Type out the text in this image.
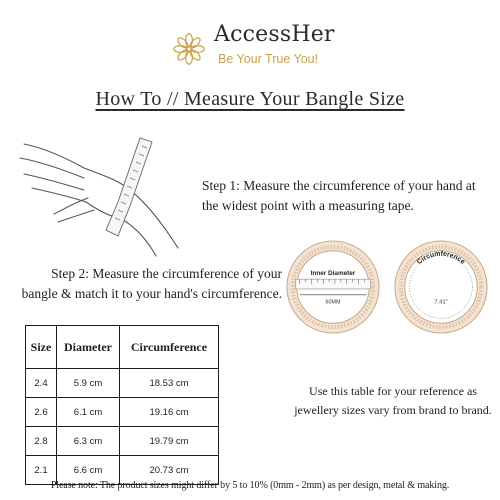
AccessHer
Be Your True You!
How To // Measure Your Bangle Size
Step 1: Measure the circumference of your hand at the widest point with a measuring tape.
Step 2: Measure the circumference of your bangle & match it to your hand's circumference.
Inner Diameter
60MM
Circumference
7.41"
Size	Diameter	Circumference
2.4	5.9 cm	18.53 cm
2.6	6.1 cm	19.16 cm
2.8	6.3 cm	19.79 cm
2.1	6.6 cm	20.73 cm
Use this table for your reference as jewellery sizes vary from brand to brand.
Please note: The product sizes might differ by 5 to 10% (0mm - 2mm) as per design, metal & making.
